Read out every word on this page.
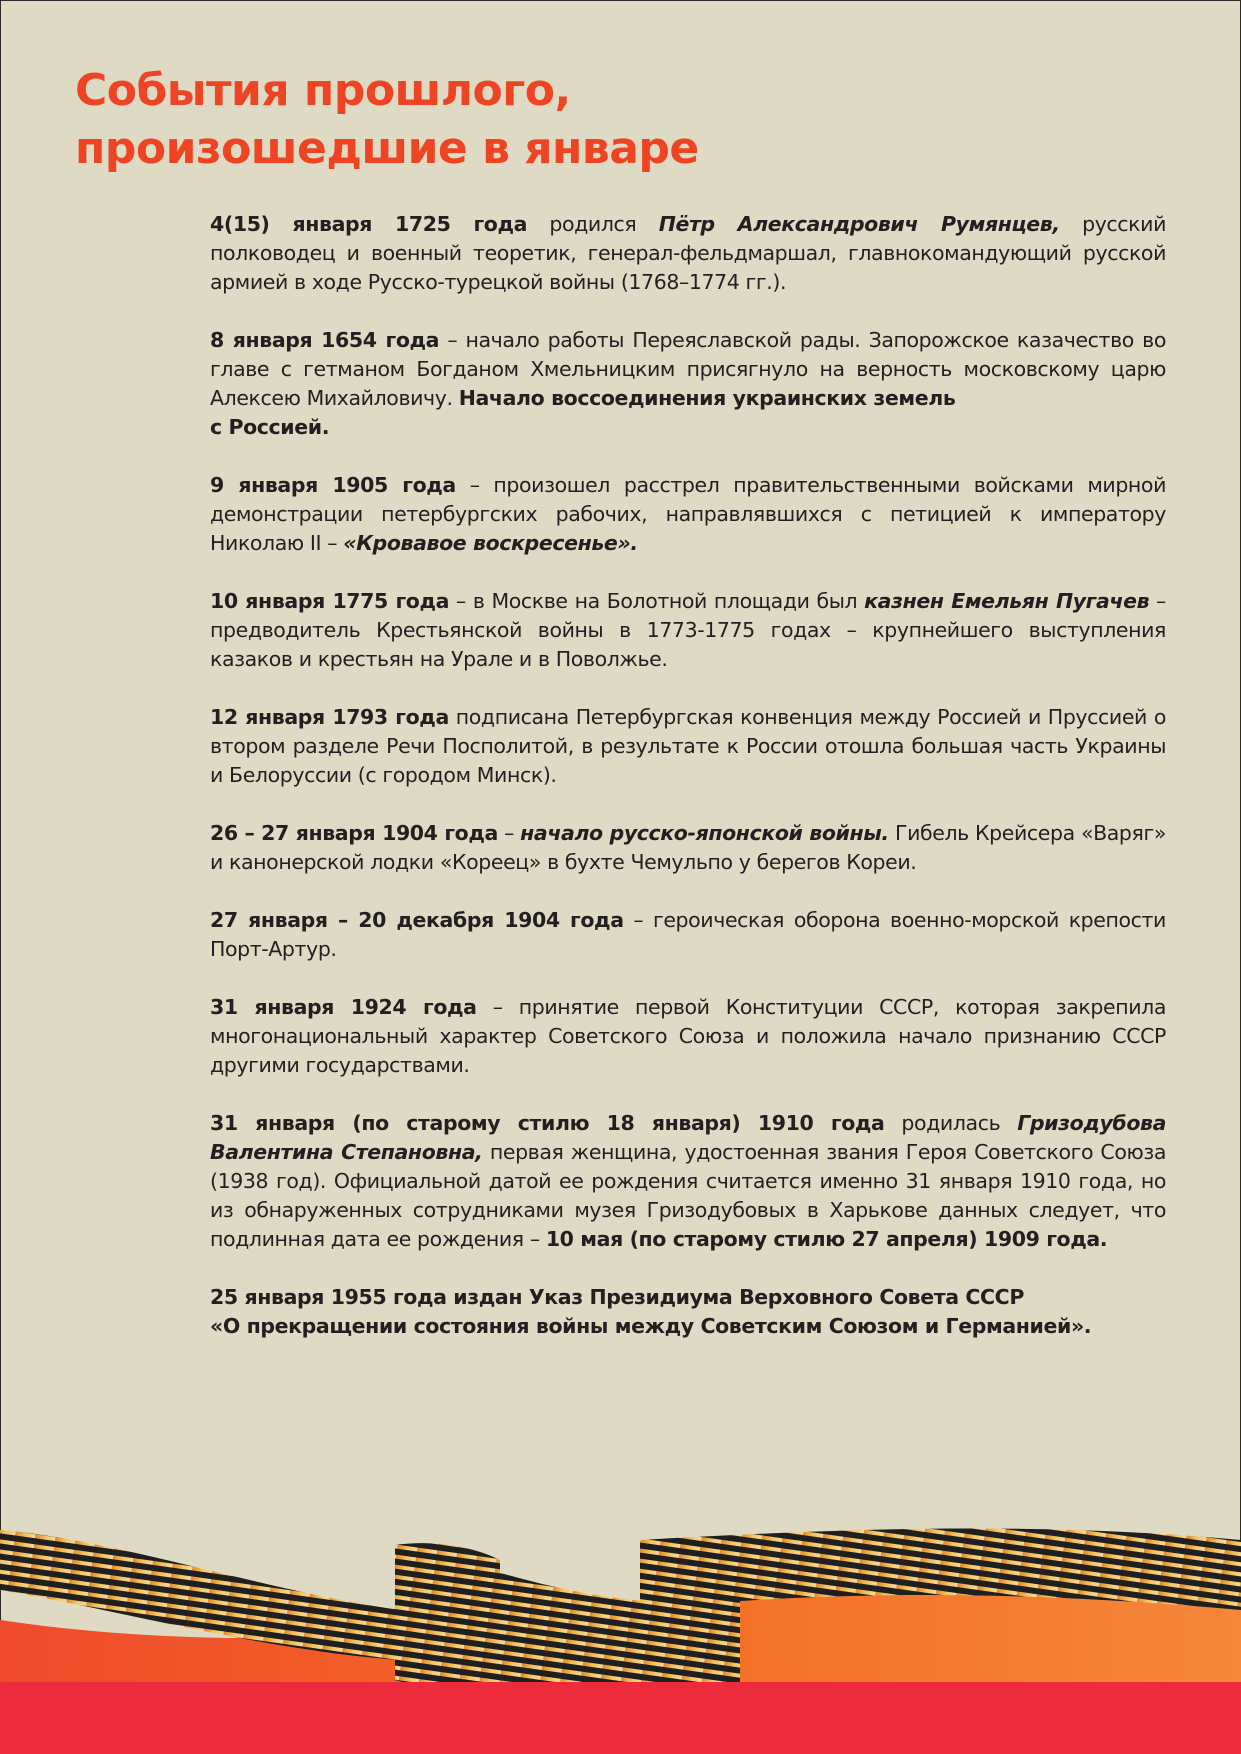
События прошлого,
произошедшие в январе

4(15) января 1725 года родился Пётр Александрович Румянцев, русский полководец и военный теоретик, генерал-фельдмаршал, главнокомандующий русской армией в ходе Русско-турецкой войны (1768–1774 гг.).

8 января 1654 года – начало работы Переяславской рады. Запорожское казачество во главе с гетманом Богданом Хмельницким присягнуло на верность московскому царю Алексею Михайловичу. Начало воссоединения украинских земель
с Россией.

9 января 1905 года – произошел расстрел правительственными войсками мирной демонстрации петербургских рабочих, направлявшихся с петицией к императору Николаю II – «Кровавое воскресенье».

10 января 1775 года – в Москве на Болотной площади был казнен Емельян Пугачев – предводитель Крестьянской войны в 1773-1775 годах – крупнейшего выступления казаков и крестьян на Урале и в Поволжье.

12 января 1793 года подписана Петербургская конвенция между Россией и Пруссией о втором разделе Речи Посполитой, в результате к России отошла большая часть Украины и Белоруссии (с городом Минск).

26 – 27 января 1904 года – начало русско-японской войны. Гибель Крейсера «Варяг» и канонерской лодки «Кореец» в бухте Чемульпо у берегов Кореи.

27 января – 20 декабря 1904 года – героическая оборона военно-морской крепости Порт-Артур.

31 января 1924 года – принятие первой Конституции СССР, которая закрепила многонациональный характер Советского Союза и положила начало признанию СССР другими государствами.

31 января (по старому стилю 18 января) 1910 года родилась Гризодубова Валентина Степановна, первая женщина, удостоенная звания Героя Советского Союза (1938 год). Официальной датой ее рождения считается именно 31 января 1910 года, но из обнаруженных сотрудниками музея Гризодубовых в Харькове данных следует, что подлинная дата ее рождения – 10 мая (по старому стилю 27 апреля) 1909 года.

25 января 1955 года издан Указ Президиума Верховного Совета СССР
«О прекращении состояния войны между Советским Союзом и Германией».
